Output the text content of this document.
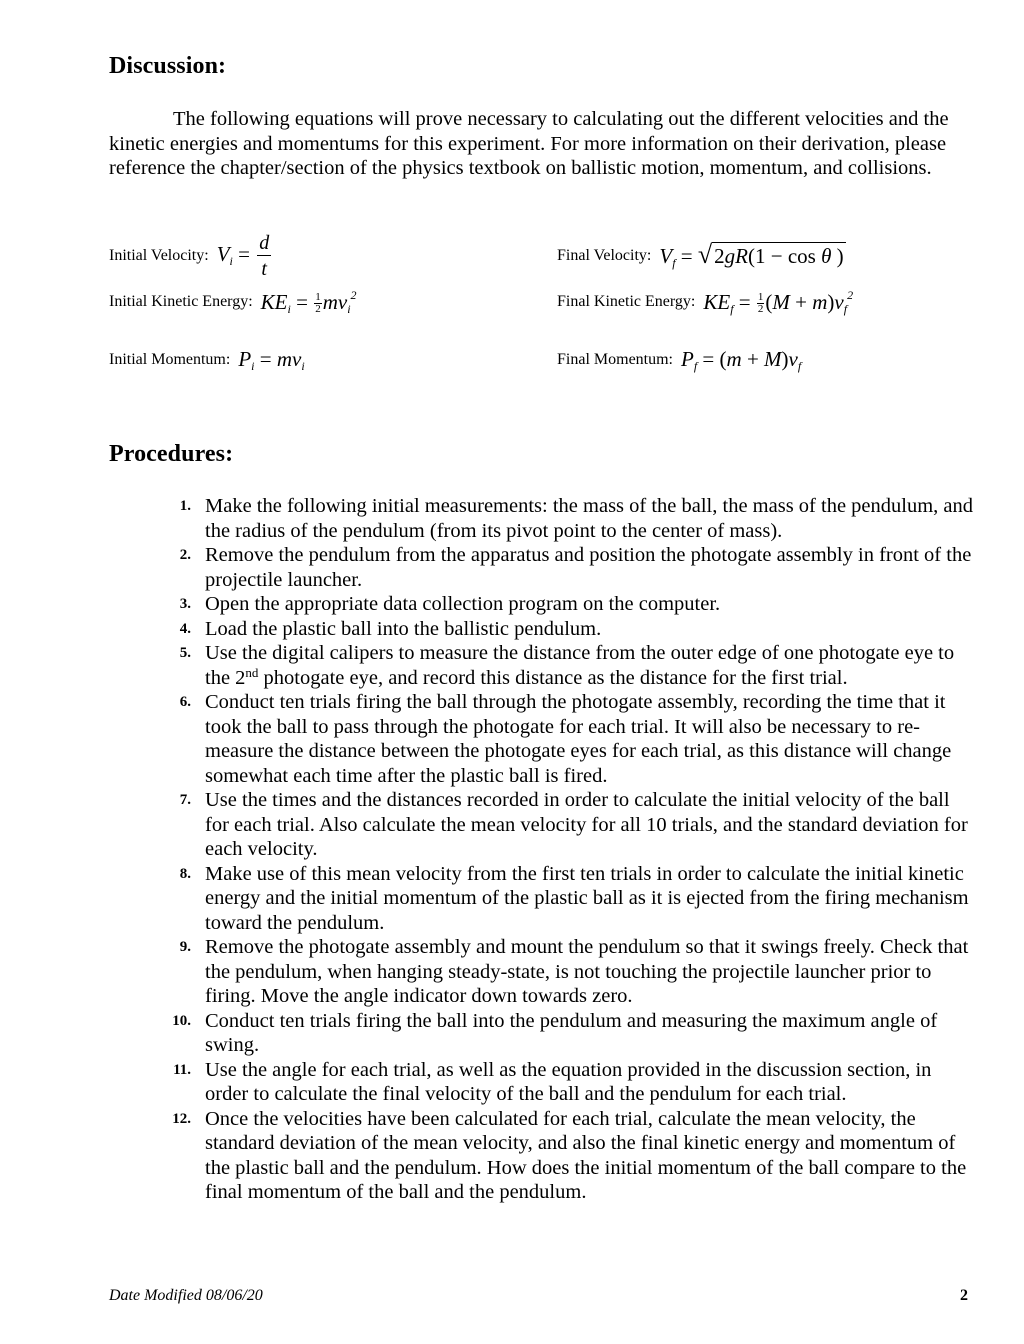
Discussion:

The following equations will prove necessary to calculating out the different velocities and the kinetic energies and momentums for this experiment. For more information on their derivation, please reference the chapter/section of the physics textbook on ballistic motion, momentum, and collisions.

Initial Velocity: $V_i = \frac{d}{t}$	Final Velocity: $V_f$ = √ 2gR(1 − cos θ )
Initial Kinetic Energy: $KE_i = \frac{1}{2} mv_i^2$	Final Kinetic Energy: $KE_f = \frac{1}{2} (M + m)v_f^2$
Initial Momentum: $P_i = mv_i$	Final Momentum: $P_f = (m + M)v_f$
Procedures:
1. Make the following initial measurements: the mass of the ball, the mass of the pendulum, and the radius of the pendulum (from its pivot point to the center of mass).
2. Remove the pendulum from the apparatus and position the photogate assembly in front of the projectile launcher.
3. Open the appropriate data collection program on the computer.
4. Load the plastic ball into the ballistic pendulum.
5. Use the digital calipers to measure the distance from the outer edge of one photogate eye to the 2nd photogate eye, and record this distance as the distance for the first trial.
6. Conduct ten trials firing the ball through the photogate assembly, recording the time that it took the ball to pass through the photogate for each trial. It will also be necessary to re-measure the distance between the photogate eyes for each trial, as this distance will change somewhat each time after the plastic ball is fired.
7. Use the times and the distances recorded in order to calculate the initial velocity of the ball for each trial. Also calculate the mean velocity for all 10 trials, and the standard deviation for each velocity.
8. Make use of this mean velocity from the first ten trials in order to calculate the initial kinetic energy and the initial momentum of the plastic ball as it is ejected from the firing mechanism toward the pendulum.
9. Remove the photogate assembly and mount the pendulum so that it swings freely. Check that the pendulum, when hanging steady-state, is not touching the projectile launcher prior to firing. Move the angle indicator down towards zero.
10. Conduct ten trials firing the ball into the pendulum and measuring the maximum angle of swing.
11. Use the angle for each trial, as well as the equation provided in the discussion section, in order to calculate the final velocity of the ball and the pendulum for each trial.
12. Once the velocities have been calculated for each trial, calculate the mean velocity, the standard deviation of the mean velocity, and also the final kinetic energy and momentum of the plastic ball and the pendulum. How does the initial momentum of the ball compare to the final momentum of the ball and the pendulum.
Date Modified 08/06/20	2
